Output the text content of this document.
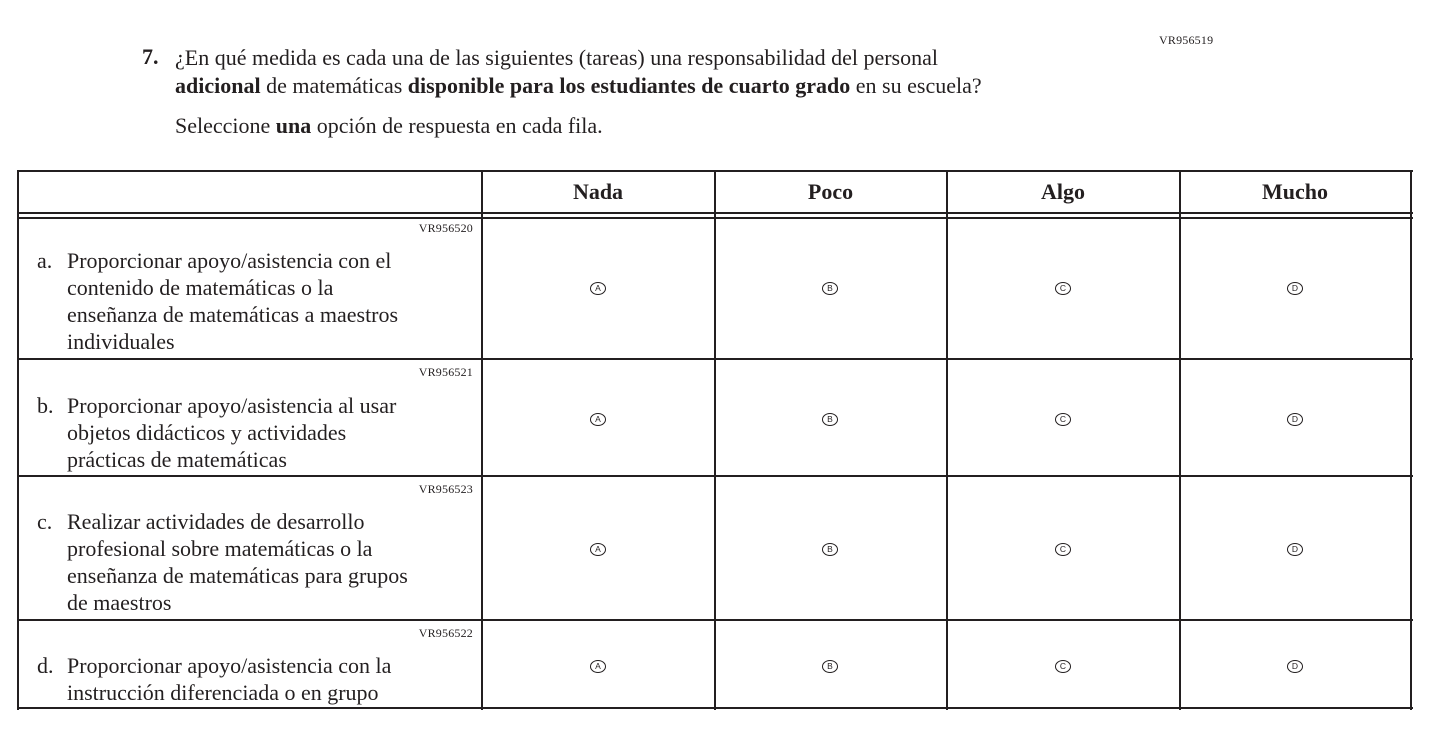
VR956519
7. ¿En qué medida es cada una de las siguientes (tareas) una responsabilidad del personal
adicional de matemáticas disponible para los estudiantes de cuarto grado en su escuela?
Seleccione una opción de respuesta en cada fila.
Nada	Poco	Algo	Mucho
VR956520
a. Proporcionar apoyo/asistencia con el
contenido de matemáticas o la
enseñanza de matemáticas a maestros
individuales
A	B	C	D
VR956521
b. Proporcionar apoyo/asistencia al usar
objetos didácticos y actividades
prácticas de matemáticas
A	B	C	D
VR956523
c. Realizar actividades de desarrollo
profesional sobre matemáticas o la
enseñanza de matemáticas para grupos
de maestros
A	B	C	D
VR956522
d. Proporcionar apoyo/asistencia con la
instrucción diferenciada o en grupo
A	B	C	D
